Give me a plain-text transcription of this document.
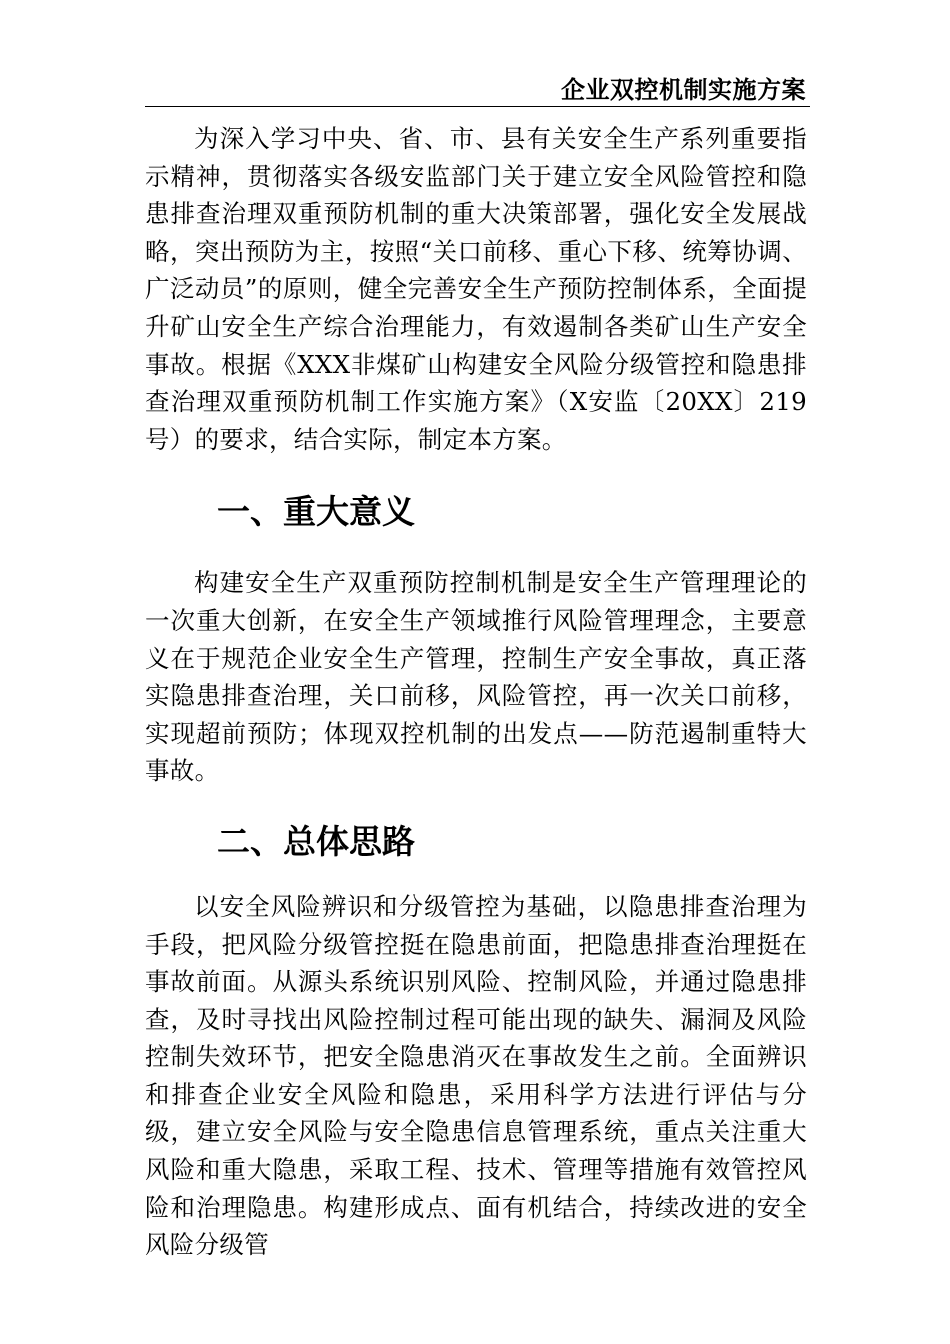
企业双控机制实施方案

为深入学习中央、省、市、县有关安全生产系列重要指示精神，贯彻落实各级安监部门关于建立安全风险管控和隐患排查治理双重预防机制的重大决策部署，强化安全发展战略，突出预防为主，按照“关口前移、重心下移、统筹协调、广泛动员”的原则，健全完善安全生产预防控制体系，全面提升矿山安全生产综合治理能力，有效遏制各类矿山生产安全事故。根据《XXX非煤矿山构建安全风险分级管控和隐患排查治理双重预防机制工作实施方案》（X安监〔20XX〕219号）的要求，结合实际，制定本方案。

一、重大意义

构建安全生产双重预防控制机制是安全生产管理理论的一次重大创新，在安全生产领域推行风险管理理念，主要意义在于规范企业安全生产管理，控制生产安全事故，真正落实隐患排查治理，关口前移，风险管控，再一次关口前移，实现超前预防；体现双控机制的出发点——防范遏制重特大事故。

二、总体思路

以安全风险辨识和分级管控为基础，以隐患排查治理为手段，把风险分级管控挺在隐患前面，把隐患排查治理挺在事故前面。从源头系统识别风险、控制风险，并通过隐患排查，及时寻找出风险控制过程可能出现的缺失、漏洞及风险控制失效环节，把安全隐患消灭在事故发生之前。全面辨识和排查企业安全风险和隐患，采用科学方法进行评估与分级，建立安全风险与安全隐患信息管理系统，重点关注重大风险和重大隐患，采取工程、技术、管理等措施有效管控风险和治理隐患。构建形成点、面有机结合，持续改进的安全风险分级管
